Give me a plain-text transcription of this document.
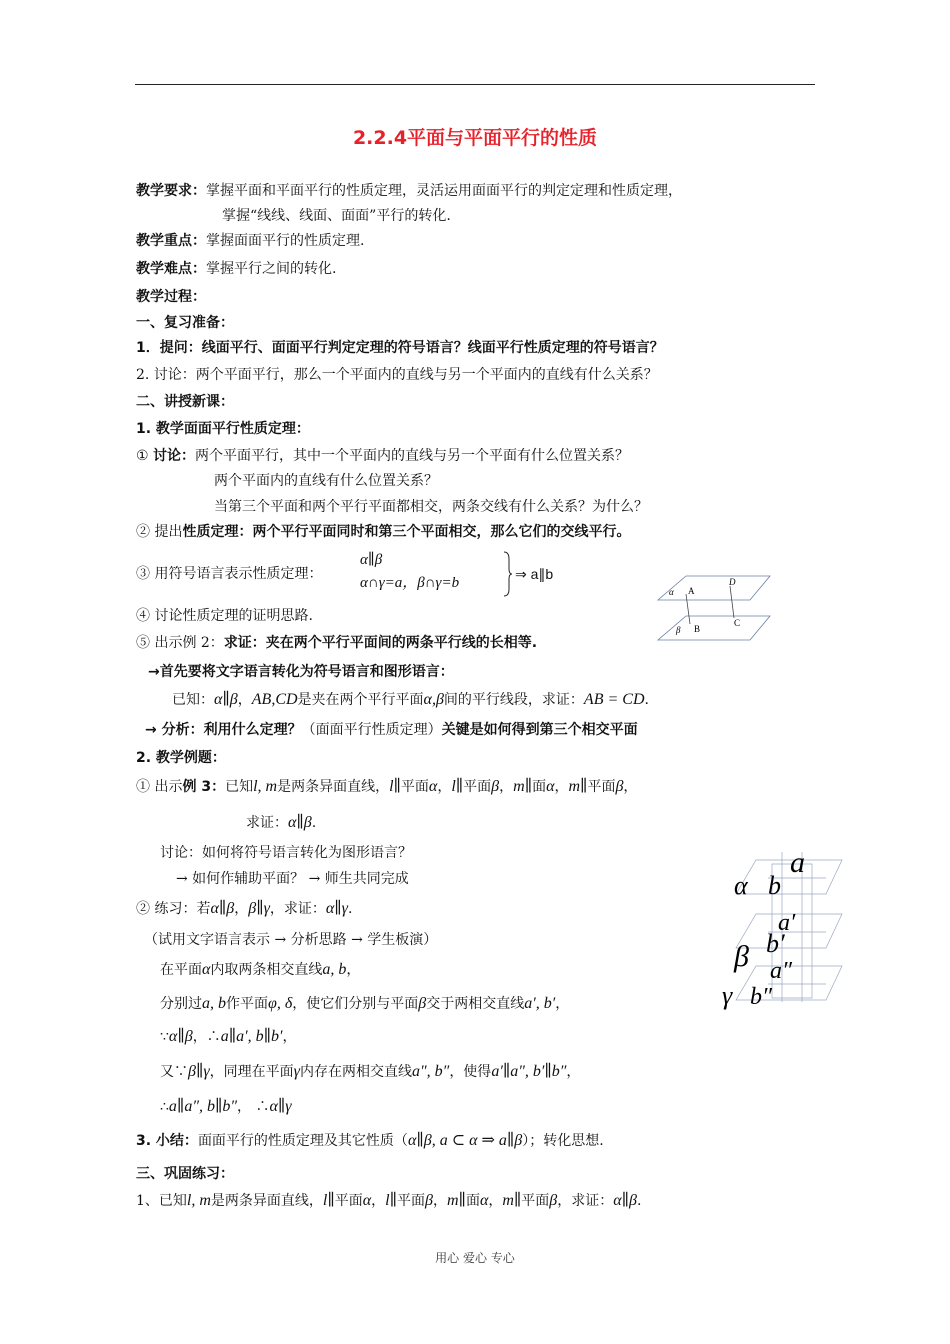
2.2.4平面与平面平行的性质
教学要求：掌握平面和平面平行的性质定理，灵活运用面面平行的判定定理和性质定理，
掌握“线线、线面、面面”平行的转化.
教学重点：掌握面面平行的性质定理.
教学难点：掌握平行之间的转化.
教学过程：
一、复习准备：
1．提问：线面平行、面面平行判定定理的符号语言？线面平行性质定理的符号语言？
2. 讨论：两个平面平行，那么一个平面内的直线与另一个平面内的直线有什么关系？
二、讲授新课：
1. 教学面面平行性质定理：
① 讨论：两个平面平行，其中一个平面内的直线与另一个平面有什么位置关系？
两个平面内的直线有什么位置关系？
当第三个平面和两个平行平面都相交，两条交线有什么关系？为什么？
② 提出性质定理：两个平行平面同时和第三个平面相交，那么它们的交线平行。
③ 用符号语言表示性质定理：
α∥β
α∩γ=a，β∩γ=b
⇒ a∥b
④ 讨论性质定理的证明思路.
⑤ 出示例 2：求证：夹在两个平行平面间的两条平行线的长相等.
→首先要将文字语言转化为符号语言和图形语言：
已知：α∥β，AB,CD是夹在两个平行平面α,β间的平行线段，求证：AB = CD.
→ 分析：利用什么定理？（面面平行性质定理）关键是如何得到第三个相交平面
2. 教学例题：
① 出示例 3：已知l, m是两条异面直线，l∥平面α，l∥平面β，m∥面α，m∥平面β，
求证：α∥β.
讨论：如何将符号语言转化为图形语言？
→ 如何作辅助平面？ → 师生共同完成
② 练习：若α∥β，β∥γ，求证：α∥γ.
（试用文字语言表示 → 分析思路 → 学生板演）
在平面α内取两条相交直线a, b，
分别过a, b作平面φ, δ，使它们分别与平面β交于两相交直线a′, b′，
∵α∥β，∴a∥a′, b∥b′，
又∵β∥γ，同理在平面γ内存在两相交直线a″, b″，使得a′∥a″, b′∥b″，
∴a∥a″, b∥b″， ∴α∥γ
3. 小结：面面平行的性质定理及其它性质（α∥β, a ⊂ α ⇒ a∥β）；转化思想.
三、巩固练习：
1、已知l, m是两条异面直线，l∥平面α，l∥平面β，m∥面α，m∥平面β，求证：α∥β.
α A
D
β B
C
a
α b
a′
β b′
a″
γ b″
用心 爱心 专心
